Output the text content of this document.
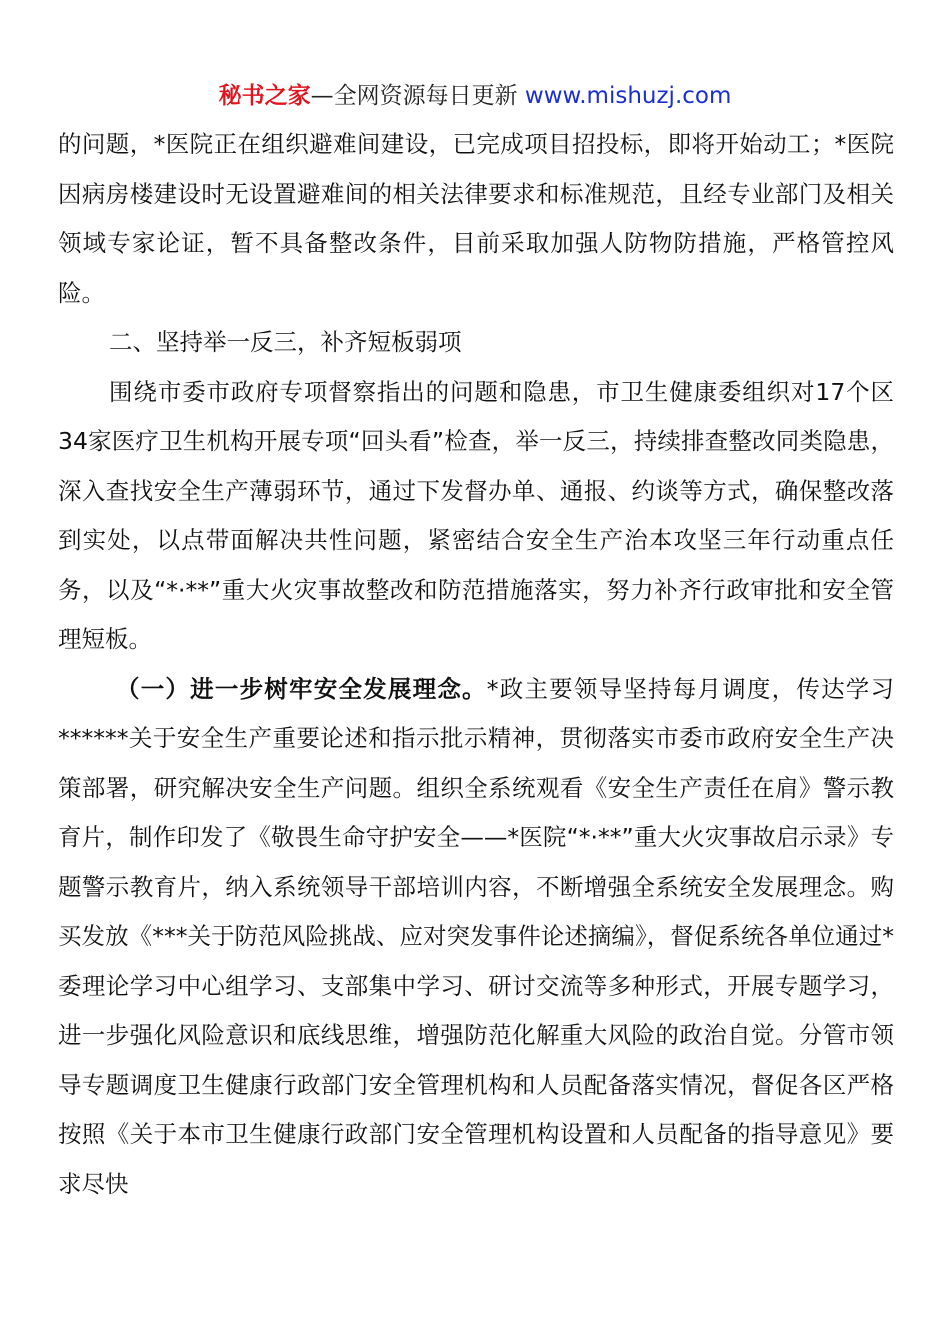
秘书之家—全网资源每日更新 www.mishuzj.com

的问题，*医院正在组织避难间建设，已完成项目招投标，即将开始动工；*医院因病房楼建设时无设置避难间的相关法律要求和标准规范，且经专业部门及相关领域专家论证，暂不具备整改条件，目前采取加强人防物防措施，严格管控风险。

二、坚持举一反三，补齐短板弱项

围绕市委市政府专项督察指出的问题和隐患，市卫生健康委组织对17个区34家医疗卫生机构开展专项“回头看”检查，举一反三，持续排查整改同类隐患，深入查找安全生产薄弱环节，通过下发督办单、通报、约谈等方式，确保整改落到实处，以点带面解决共性问题，紧密结合安全生产治本攻坚三年行动重点任务，以及“*·**”重大火灾事故整改和防范措施落实，努力补齐行政审批和安全管理短板。

（一）进一步树牢安全发展理念。*政主要领导坚持每月调度，传达学习******关于安全生产重要论述和指示批示精神，贯彻落实市委市政府安全生产决策部署，研究解决安全生产问题。组织全系统观看《安全生产责任在肩》警示教育片，制作印发了《敬畏生命守护安全——*医院“*·**”重大火灾事故启示录》专题警示教育片，纳入系统领导干部培训内容，不断增强全系统安全发展理念。购买发放《***关于防范风险挑战、应对突发事件论述摘编》，督促系统各单位通过*委理论学习中心组学习、支部集中学习、研讨交流等多种形式，开展专题学习，进一步强化风险意识和底线思维，增强防范化解重大风险的政治自觉。分管市领导专题调度卫生健康行政部门安全管理机构和人员配备落实情况，督促各区严格按照《关于本市卫生健康行政部门安全管理机构设置和人员配备的指导意见》要求尽快
